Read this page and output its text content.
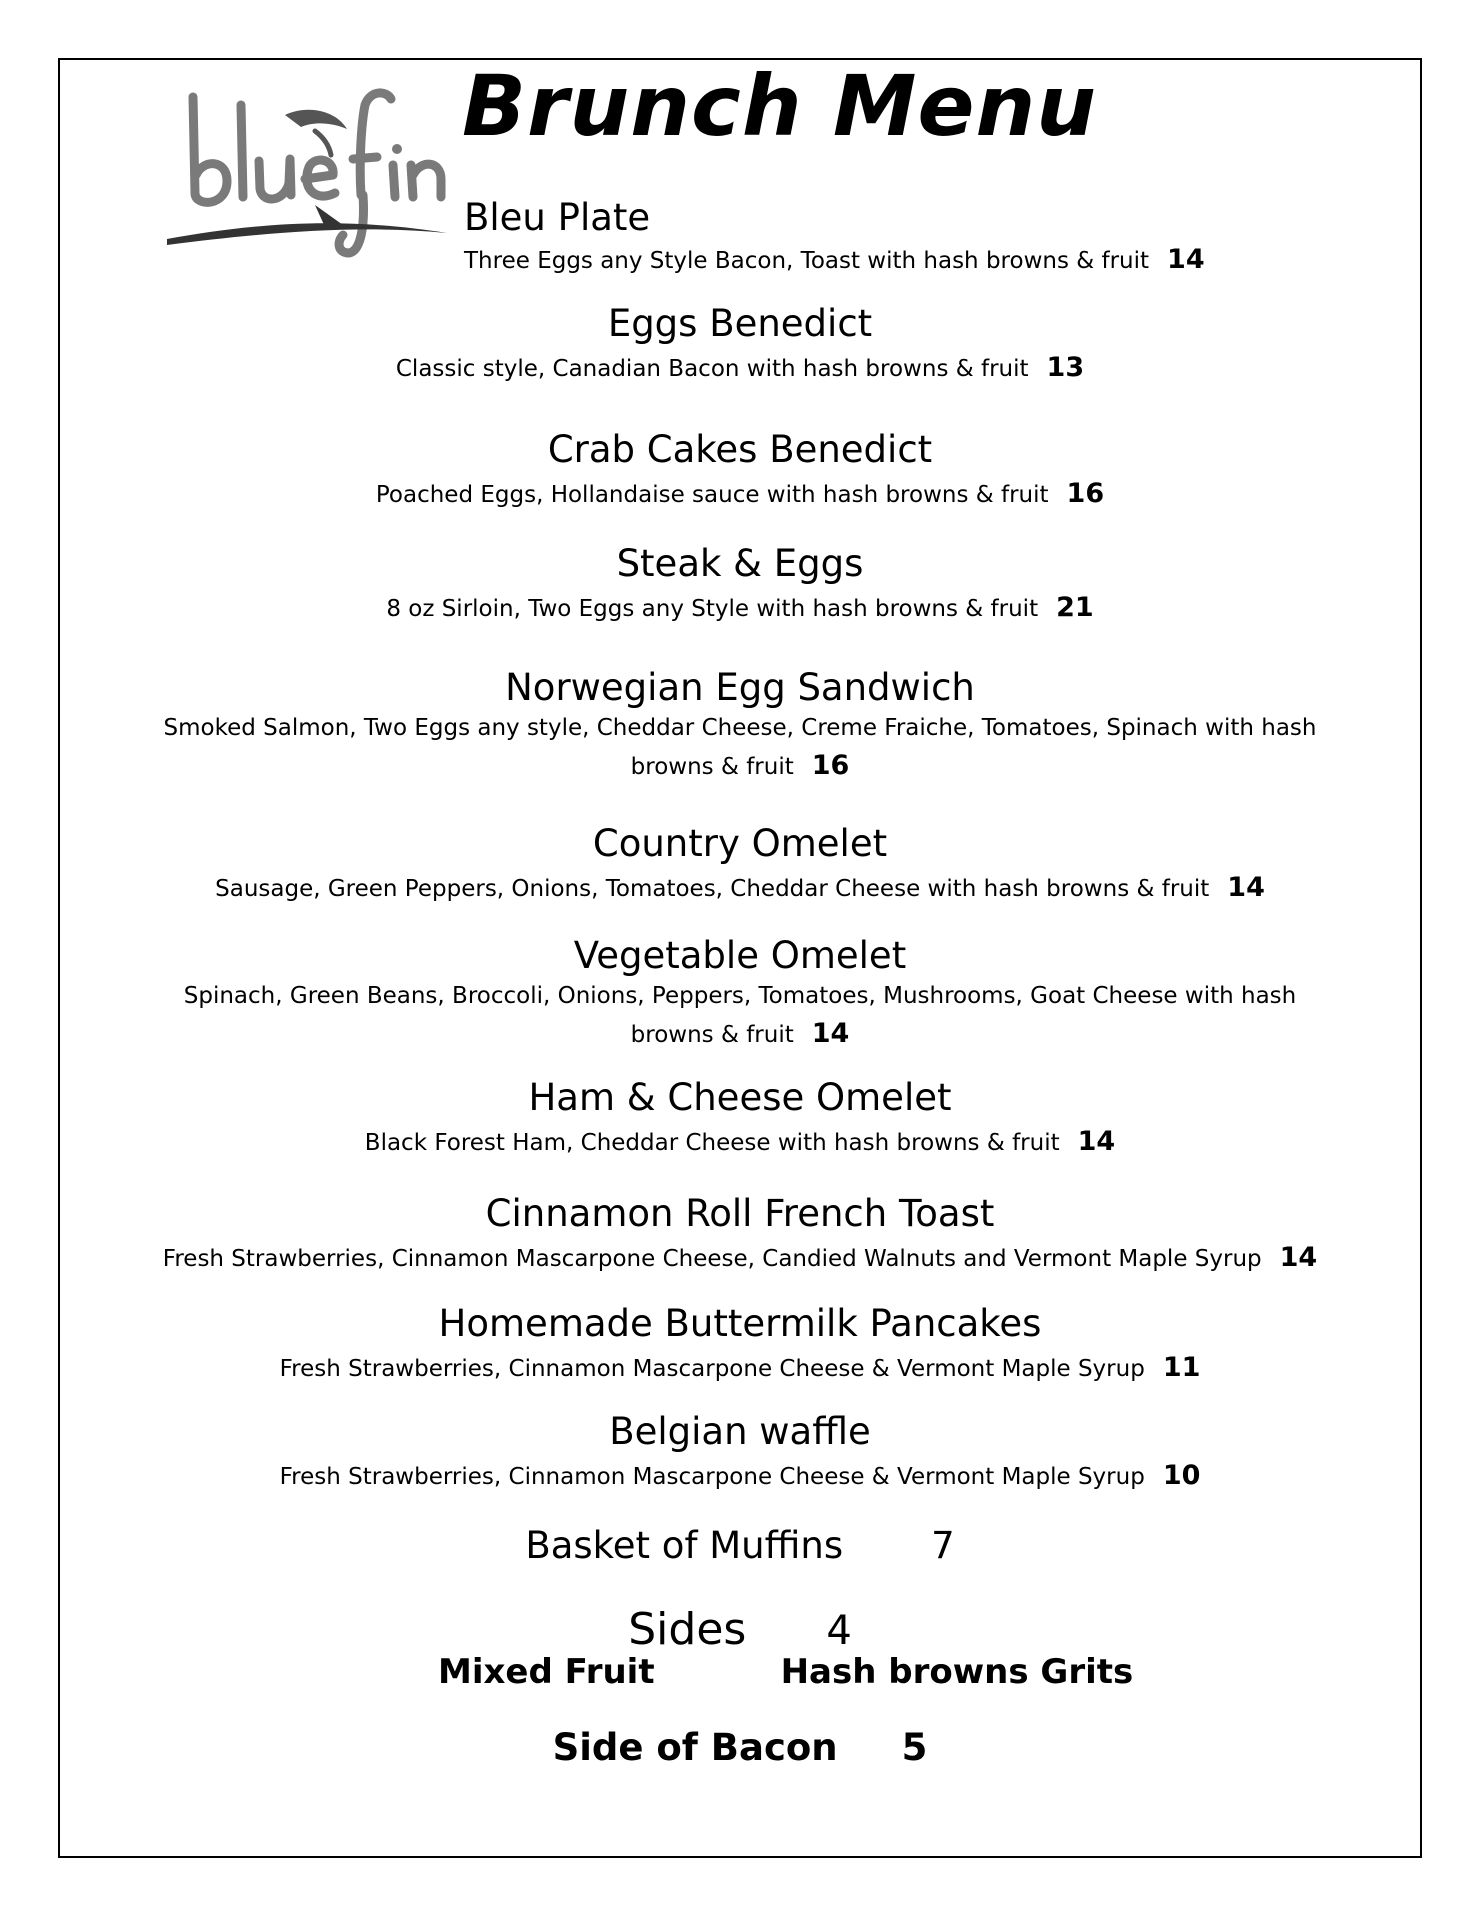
Brunch Menu
Bleu Plate
Three Eggs any Style Bacon, Toast with hash browns & fruit 14
Eggs Benedict
Classic style, Canadian Bacon with hash browns & fruit 13
Crab Cakes Benedict
Poached Eggs, Hollandaise sauce with hash browns & fruit 16
Steak & Eggs
8 oz Sirloin, Two Eggs any Style with hash browns & fruit 21
Norwegian Egg Sandwich
Smoked Salmon, Two Eggs any style, Cheddar Cheese, Creme Fraiche, Tomatoes, Spinach with hash browns & fruit 16
Country Omelet
Sausage, Green Peppers, Onions, Tomatoes, Cheddar Cheese with hash browns & fruit 14
Vegetable Omelet
Spinach, Green Beans, Broccoli, Onions, Peppers, Tomatoes, Mushrooms, Goat Cheese with hash browns & fruit 14
Ham & Cheese Omelet
Black Forest Ham, Cheddar Cheese with hash browns & fruit 14
Cinnamon Roll French Toast
Fresh Strawberries, Cinnamon Mascarpone Cheese, Candied Walnuts and Vermont Maple Syrup 14
Homemade Buttermilk Pancakes
Fresh Strawberries, Cinnamon Mascarpone Cheese & Vermont Maple Syrup 11
Belgian waffle
Fresh Strawberries, Cinnamon Mascarpone Cheese & Vermont Maple Syrup 10
Basket of Muffins 7
Sides 4
Mixed Fruit	Hash browns Grits
Side of Bacon 5
